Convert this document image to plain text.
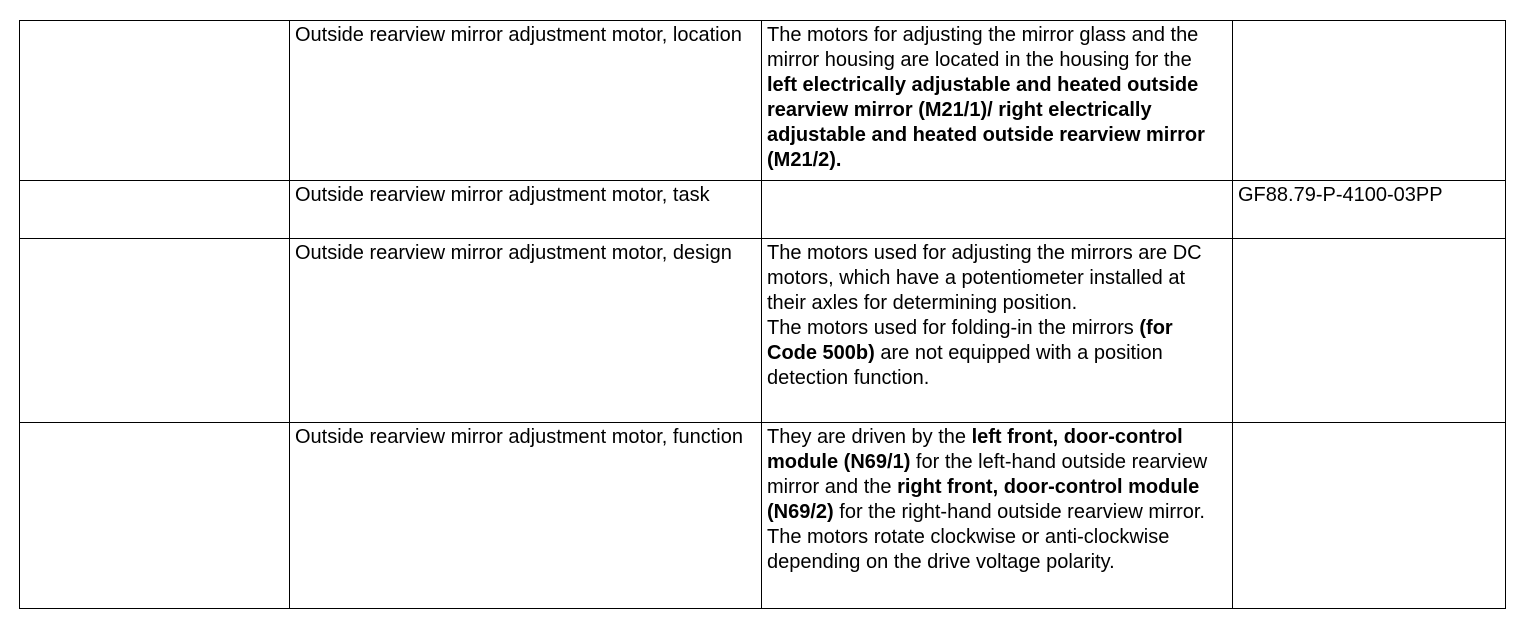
	Outside rearview mirror adjustment motor, location	The motors for adjusting the mirror glass and the mirror housing are located in the housing for the left electrically adjustable and heated outside rearview mirror (M21/1)/ right electrically adjustable and heated outside rearview mirror (M21/2).	

	Outside rearview mirror adjustment motor, task		GF88.79-P-4100-03PP
	Outside rearview mirror adjustment motor, design	The motors used for adjusting the mirrors are DC motors, which have a potentiometer installed at their axles for determining position.
The motors used for folding-in the mirrors (for Code 500b) are not equipped with a position detection function.	

	Outside rearview mirror adjustment motor, function	They are driven by the left front, door-control module (N69/1) for the left-hand outside rearview mirror and the right front, door-control module (N69/2) for the right-hand outside rearview mirror. The motors rotate clockwise or anti-clockwise depending on the drive voltage polarity.	
